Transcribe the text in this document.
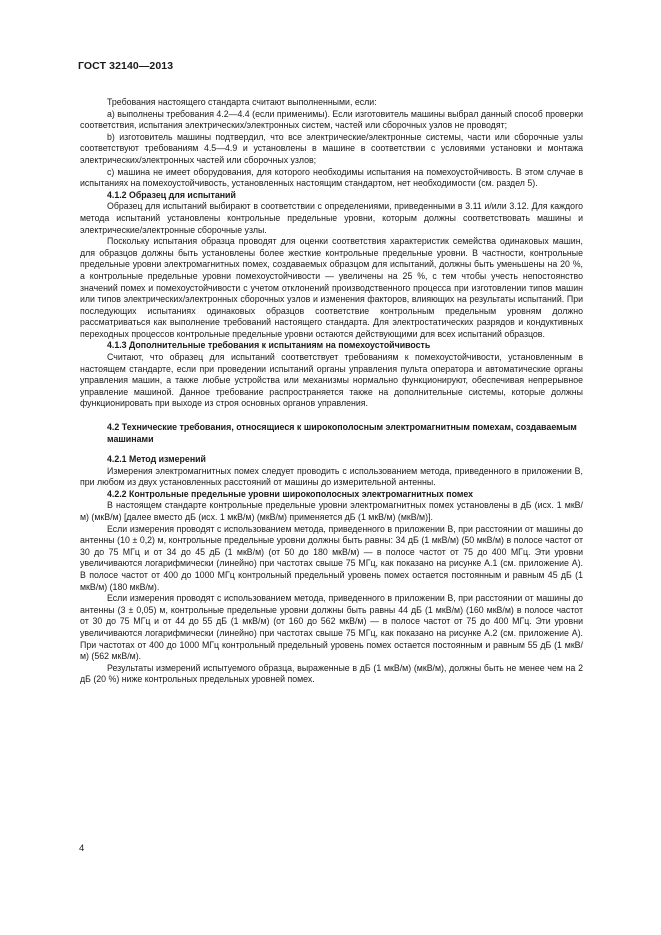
ГОСТ 32140—2013

Требования настоящего стандарта считают выполненными, если:

а) выполнены требования 4.2—4.4 (если применимы). Если изготовитель машины выбрал данный способ проверки соответствия, испытания электрических/электронных систем, частей или сборочных узлов не проводят;

b) изготовитель машины подтвердил, что все электрические/электронные системы, части или сборочные узлы соответствуют требованиям 4.5—4.9 и установлены в машине в соответствии с условиями установки и монтажа электрических/электронных частей или сборочных узлов;

с) машина не имеет оборудования, для которого необходимы испытания на помехоустойчивость. В этом случае в испытаниях на помехоустойчивость, установленных настоящим стандартом, нет необходимости (см. раздел 5).

4.1.2 Образец для испытаний

Образец для испытаний выбирают в соответствии с определениями, приведенными в 3.11 и/или 3.12. Для каждого метода испытаний установлены контрольные предельные уровни, которым должны соответствовать машины и электрические/электронные сборочные узлы.

Поскольку испытания образца проводят для оценки соответствия характеристик семейства одинаковых машин, для образцов должны быть установлены более жесткие контрольные предельные уровни. В частности, контрольные предельные уровни электромагнитных помех, создаваемых образцом для испытаний, должны быть уменьшены на 20 %, а контрольные предельные уровни помехоустойчивости — увеличены на 25 %, с тем чтобы учесть непостоянство значений помех и помехоустойчивости с учетом отклонений производственного процесса при изготовлении типов машин или типов электрических/электронных сборочных узлов и изменения факторов, влияющих на результаты испытаний. При последующих испытаниях одинаковых образцов соответствие контрольным предельным уровням должно рассматриваться как выполнение требований настоящего стандарта. Для электростатических разрядов и кондуктивных переходных процессов контрольные предельные уровни остаются действующими для всех испытаний образцов.

4.1.3 Дополнительные требования к испытаниям на помехоустойчивость

Считают, что образец для испытаний соответствует требованиям к помехоустойчивости, установленным в настоящем стандарте, если при проведении испытаний органы управления пульта оператора и автоматические органы управления машин, а также любые устройства или механизмы нормально функционируют, обеспечивая непрерывное управление машиной. Данное требование распространяется также на дополнительные системы, которые должны функционировать при выходе из строя основных органов управления.

4.2 Технические требования, относящиеся к широкополосным электромагнитным помехам, создаваемым машинами

4.2.1 Метод измерений

Измерения электромагнитных помех следует проводить с использованием метода, приведенного в приложении В, при любом из двух установленных расстояний от машины до измерительной антенны.

4.2.2 Контрольные предельные уровни широкополосных электромагнитных помех

В настоящем стандарте контрольные предельные уровни электромагнитных помех установлены в дБ (исх. 1 мкВ/м) (мкВ/м) [далее вместо дБ (исх. 1 мкВ/м) (мкВ/м) применяется дБ (1 мкВ/м) (мкВ/м)].

Если измерения проводят с использованием метода, приведенного в приложении В, при расстоянии от машины до антенны (10 ± 0,2) м, контрольные предельные уровни должны быть равны: 34 дБ (1 мкВ/м) (50 мкВ/м) в полосе частот от 30 до 75 МГц и от 34 до 45 дБ (1 мкВ/м) (от 50 до 180 мкВ/м) — в полосе частот от 75 до 400 МГц. Эти уровни увеличиваются логарифмически (линейно) при частотах свыше 75 МГц, как показано на рисунке А.1 (см. приложение А). В полосе частот от 400 до 1000 МГц контрольный предельный уровень помех остается постоянным и равным 45 дБ (1 мкВ/м) (180 мкВ/м).

Если измерения проводят с использованием метода, приведенного в приложении В, при расстоянии от машины до антенны (3 ± 0,05) м, контрольные предельные уровни должны быть равны 44 дБ (1 мкВ/м) (160 мкВ/м) в полосе частот от 30 до 75 МГц и от 44 до 55 дБ (1 мкВ/м) (от 160 до 562 мкВ/м) — в полосе частот от 75 до 400 МГц. Эти уровни увеличиваются логарифмически (линейно) при частотах свыше 75 МГц, как показано на рисунке А.2 (см. приложение А). При частотах от 400 до 1000 МГц контрольный предельный уровень помех остается постоянным и равным 55 дБ (1 мкВ/м) (562 мкВ/м).

Результаты измерений испытуемого образца, выраженные в дБ (1 мкВ/м) (мкВ/м), должны быть не менее чем на 2 дБ (20 %) ниже контрольных предельных уровней помех.

4
